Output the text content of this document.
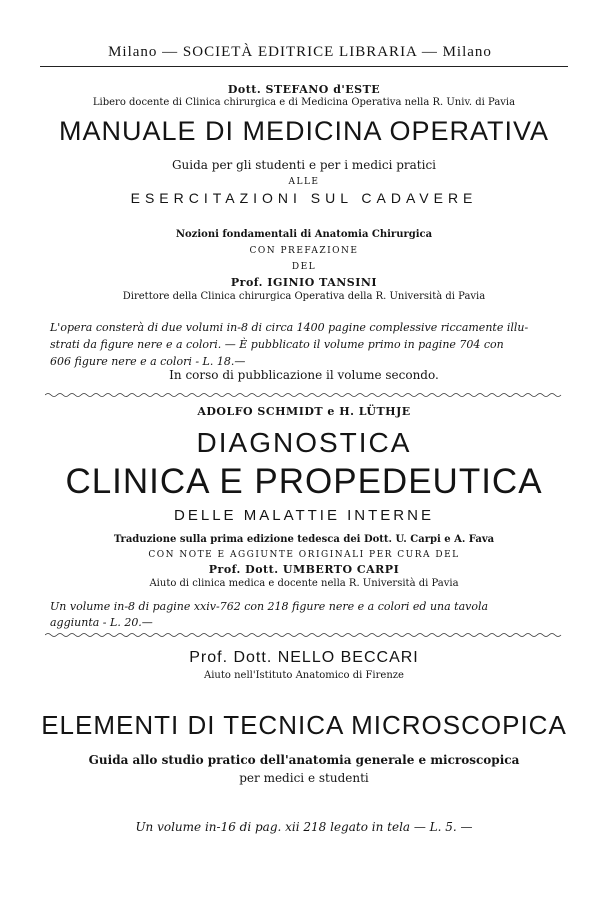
Milano — SOCIETÀ EDITRICE LIBRARIA — Milano
Dott. STEFANO d'ESTE
Libero docente di Clinica chirurgica e di Medicina Operativa nella R. Univ. di Pavia
MANUALE DI MEDICINA OPERATIVA
Guida per gli studenti e per i medici pratici
ALLE
ESERCITAZIONI SUL CADAVERE
Nozioni fondamentali di Anatomia Chirurgica
CON PREFAZIONE
DEL
Prof. IGINIO TANSINI
Direttore della Clinica chirurgica Operativa della R. Università di Pavia
L'opera consterà di due volumi in-8 di circa 1400 pagine complessive riccamente illu-
strati da figure nere e a colori. — È pubblicato il volume primo in pagine 704 con
606 figure nere e a colori - L. 18.—
In corso di pubblicazione il volume secondo.
ADOLFO SCHMIDT e H. LÜTHJE
DIAGNOSTICA
CLINICA E PROPEDEUTICA
DELLE MALATTIE INTERNE
Traduzione sulla prima edizione tedesca dei Dott. U. Carpi e A. Fava
CON NOTE E AGGIUNTE ORIGINALI PER CURA DEL
Prof. Dott. UMBERTO CARPI
Aiuto di clinica medica e docente nella R. Università di Pavia
Un volume in-8 di pagine xxiv-762 con 218 figure nere e a colori ed una tavola
aggiunta - L. 20.—
Prof. Dott. NELLO BECCARI
Aiuto nell'Istituto Anatomico di Firenze
ELEMENTI DI TECNICA MICROSCOPICA
Guida allo studio pratico dell'anatomia generale e microscopica
per medici e studenti
Un volume in-16 di pag. xii 218 legato in tela — L. 5. —
